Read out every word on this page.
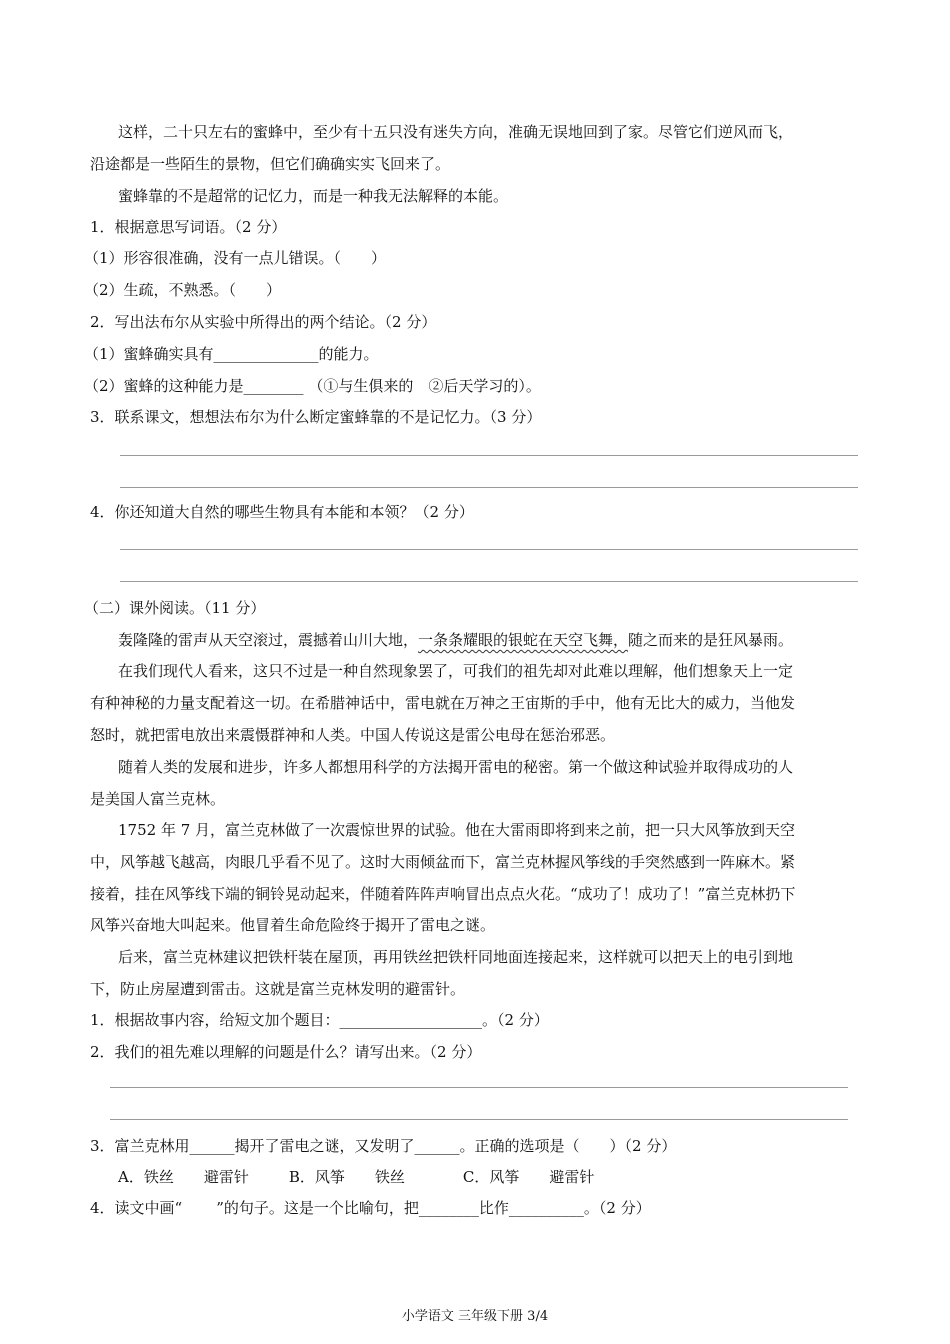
这样，二十只左右的蜜蜂中，至少有十五只没有迷失方向，准确无误地回到了家。尽管它们逆风而飞，
沿途都是一些陌生的景物，但它们确确实实飞回来了。
蜜蜂靠的不是超常的记忆力，而是一种我无法解释的本能。
1．根据意思写词语。（2 分）
（1）形容很准确，没有一点儿错误。（　　）
（2）生疏，不熟悉。（　　）
2．写出法布尔从实验中所得出的两个结论。（2 分）
（1）蜜蜂确实具有______________的能力。
（2）蜜蜂的这种能力是________ （①与生俱来的　②后天学习的）。
3．联系课文，想想法布尔为什么断定蜜蜂靠的不是记忆力。（3 分）
4．你还知道大自然的哪些生物具有本能和本领？（2 分）
（二）课外阅读。（11 分）
轰隆隆的雷声从天空滚过，震撼着山川大地，一条条耀眼的银蛇在天空飞舞，随之而来的是狂风暴雨。
在我们现代人看来，这只不过是一种自然现象罢了，可我们的祖先却对此难以理解，他们想象天上一定
有种神秘的力量支配着这一切。在希腊神话中，雷电就在万神之王宙斯的手中，他有无比大的威力，当他发
怒时，就把雷电放出来震慑群神和人类。中国人传说这是雷公电母在惩治邪恶。
随着人类的发展和进步，许多人都想用科学的方法揭开雷电的秘密。第一个做这种试验并取得成功的人
是美国人富兰克林。
1752 年 7 月，富兰克林做了一次震惊世界的试验。他在大雷雨即将到来之前，把一只大风筝放到天空
中，风筝越飞越高，肉眼几乎看不见了。这时大雨倾盆而下，富兰克林握风筝线的手突然感到一阵麻木。紧
接着，挂在风筝线下端的铜铃晃动起来，伴随着阵阵声响冒出点点火花。“成功了！成功了！”富兰克林扔下
风筝兴奋地大叫起来。他冒着生命危险终于揭开了雷电之谜。
后来，富兰克林建议把铁杆装在屋顶，再用铁丝把铁杆同地面连接起来，这样就可以把天上的电引到地
下，防止房屋遭到雷击。这就是富兰克林发明的避雷针。
1．根据故事内容，给短文加个题目：___________________。（2 分）
2．我们的祖先难以理解的问题是什么？请写出来。（2 分）
3．富兰克林用______揭开了雷电之谜，又发明了______。正确的选项是（　　）（2 分）
A．铁丝　　避雷针	B．风筝　　铁丝	C．风筝　　避雷针
4．读文中画“ ”的句子。这是一个比喻句，把________比作__________。（2 分）
小学语文 三年级下册 3/4
